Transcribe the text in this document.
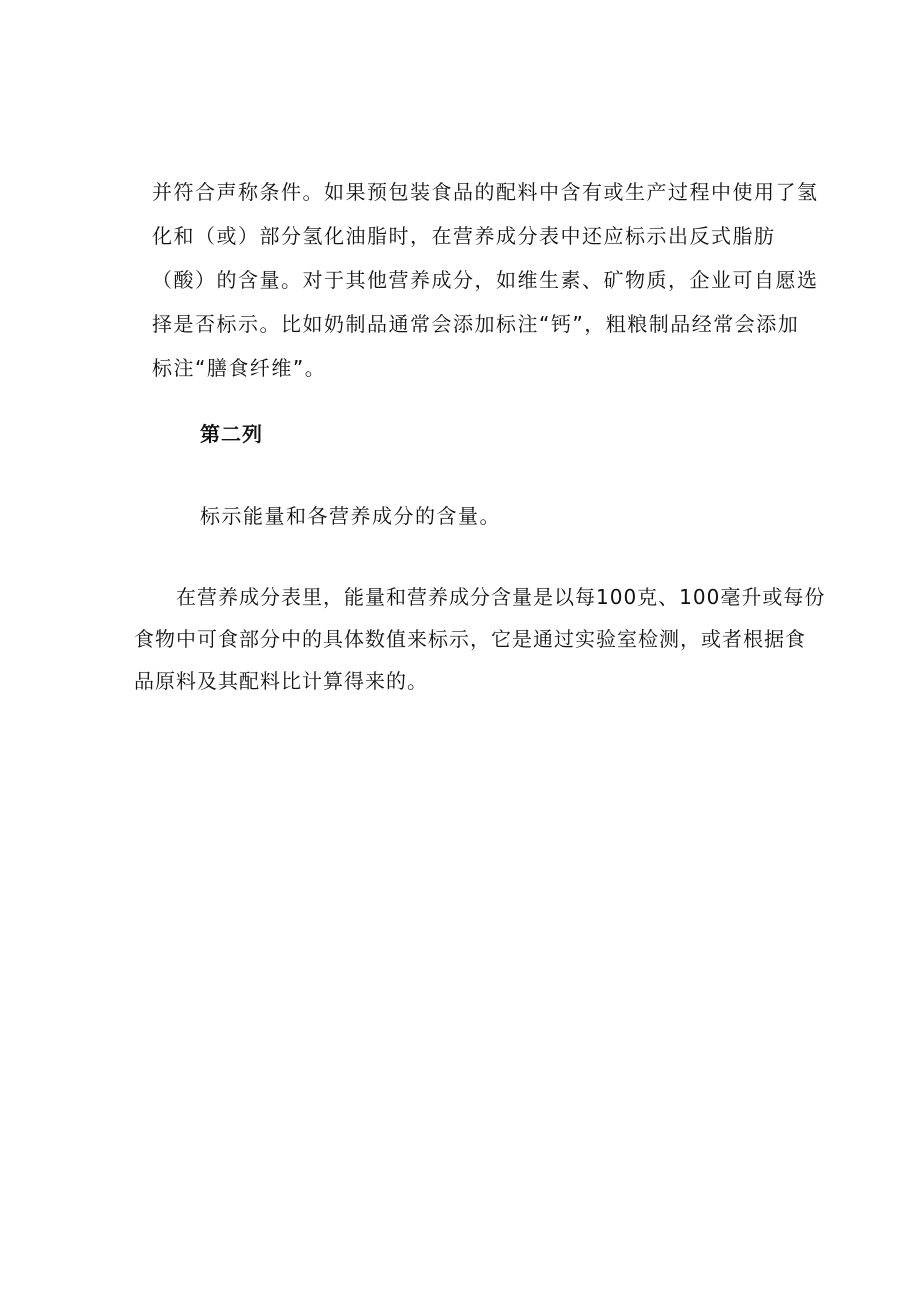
并符合声称条件。如果预包装食品的配料中含有或生产过程中使用了氢
化和（或）部分氢化油脂时，在营养成分表中还应标示出反式脂肪
（酸）的含量。对于其他营养成分，如维生素、矿物质，企业可自愿选
择是否标示。比如奶制品通常会添加标注“钙”，粗粮制品经常会添加
标注“膳食纤维”。
第二列
标示能量和各营养成分的含量。
在营养成分表里，能量和营养成分含量是以每100克、100毫升或每份
食物中可食部分中的具体数值来标示，它是通过实验室检测，或者根据食
品原料及其配料比计算得来的。
